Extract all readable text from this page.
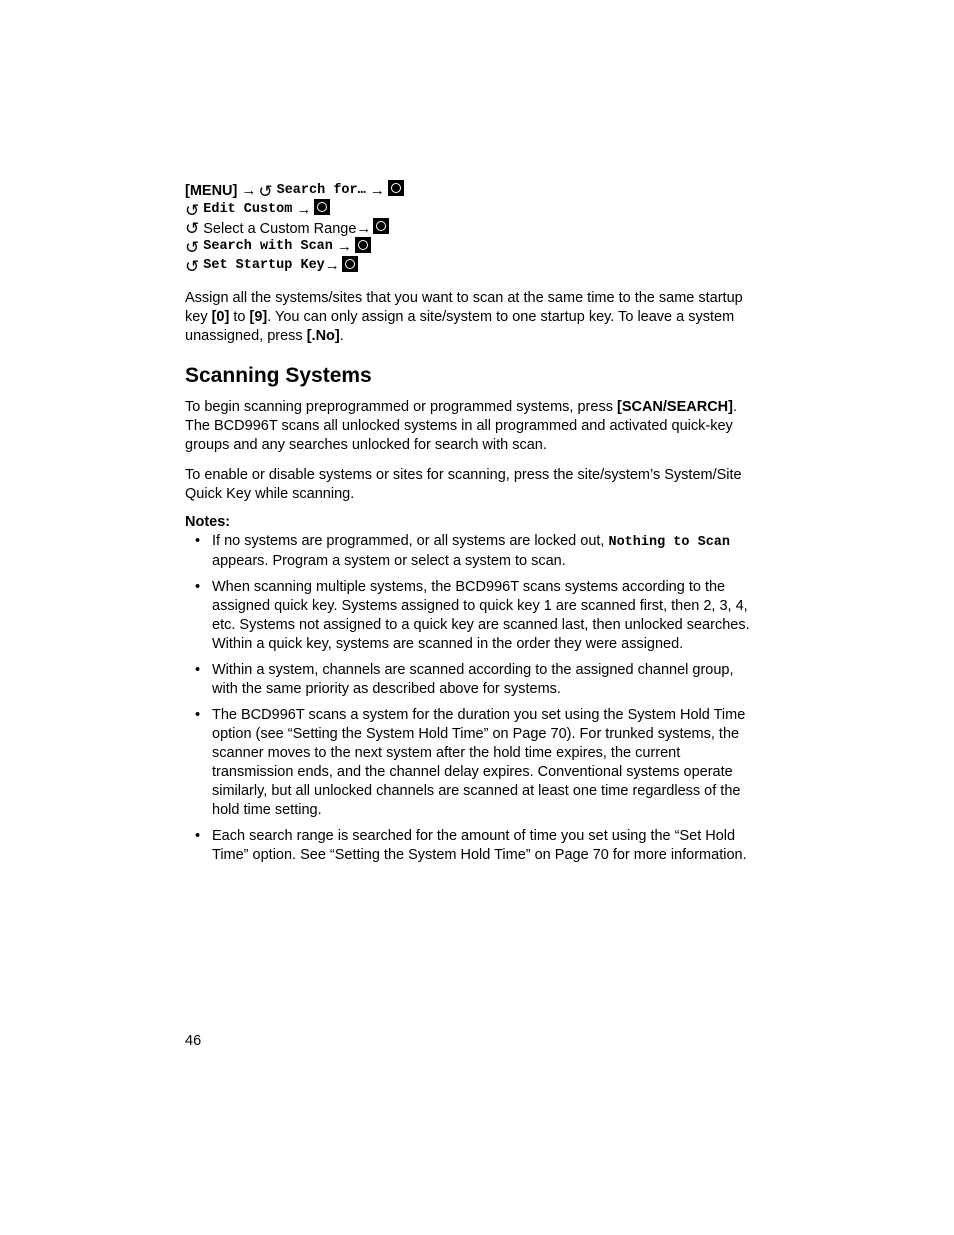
[MENU] → ↺ Search for… →
↺ Edit Custom →
↺ Select a Custom Range →
↺ Search with Scan →
↺ Set Startup Key →

Assign all the systems/sites that you want to scan at the same time to the same startup key [0] to [9]. You can only assign a site/system to one startup key. To leave a system unassigned, press [.No].

Scanning Systems

To begin scanning preprogrammed or programmed systems, press [SCAN/SEARCH]. The BCD996T scans all unlocked systems in all programmed and activated quick-key groups and any searches unlocked for search with scan.

To enable or disable systems or sites for scanning, press the site/system’s System/Site Quick Key while scanning.

Notes:
• If no systems are programmed, or all systems are locked out, Nothing to Scan appears. Program a system or select a system to scan.
• When scanning multiple systems, the BCD996T scans systems according to the assigned quick key. Systems assigned to quick key 1 are scanned first, then 2, 3, 4, etc. Systems not assigned to a quick key are scanned last, then unlocked searches. Within a quick key, systems are scanned in the order they were assigned.
• Within a system, channels are scanned according to the assigned channel group, with the same priority as described above for systems.
• The BCD996T scans a system for the duration you set using the System Hold Time option (see “Setting the System Hold Time” on Page 70). For trunked systems, the scanner moves to the next system after the hold time expires, the current transmission ends, and the channel delay expires. Conventional systems operate similarly, but all unlocked channels are scanned at least one time regardless of the hold time setting.
• Each search range is searched for the amount of time you set using the “Set Hold Time” option. See “Setting the System Hold Time” on Page 70 for more information.
46
